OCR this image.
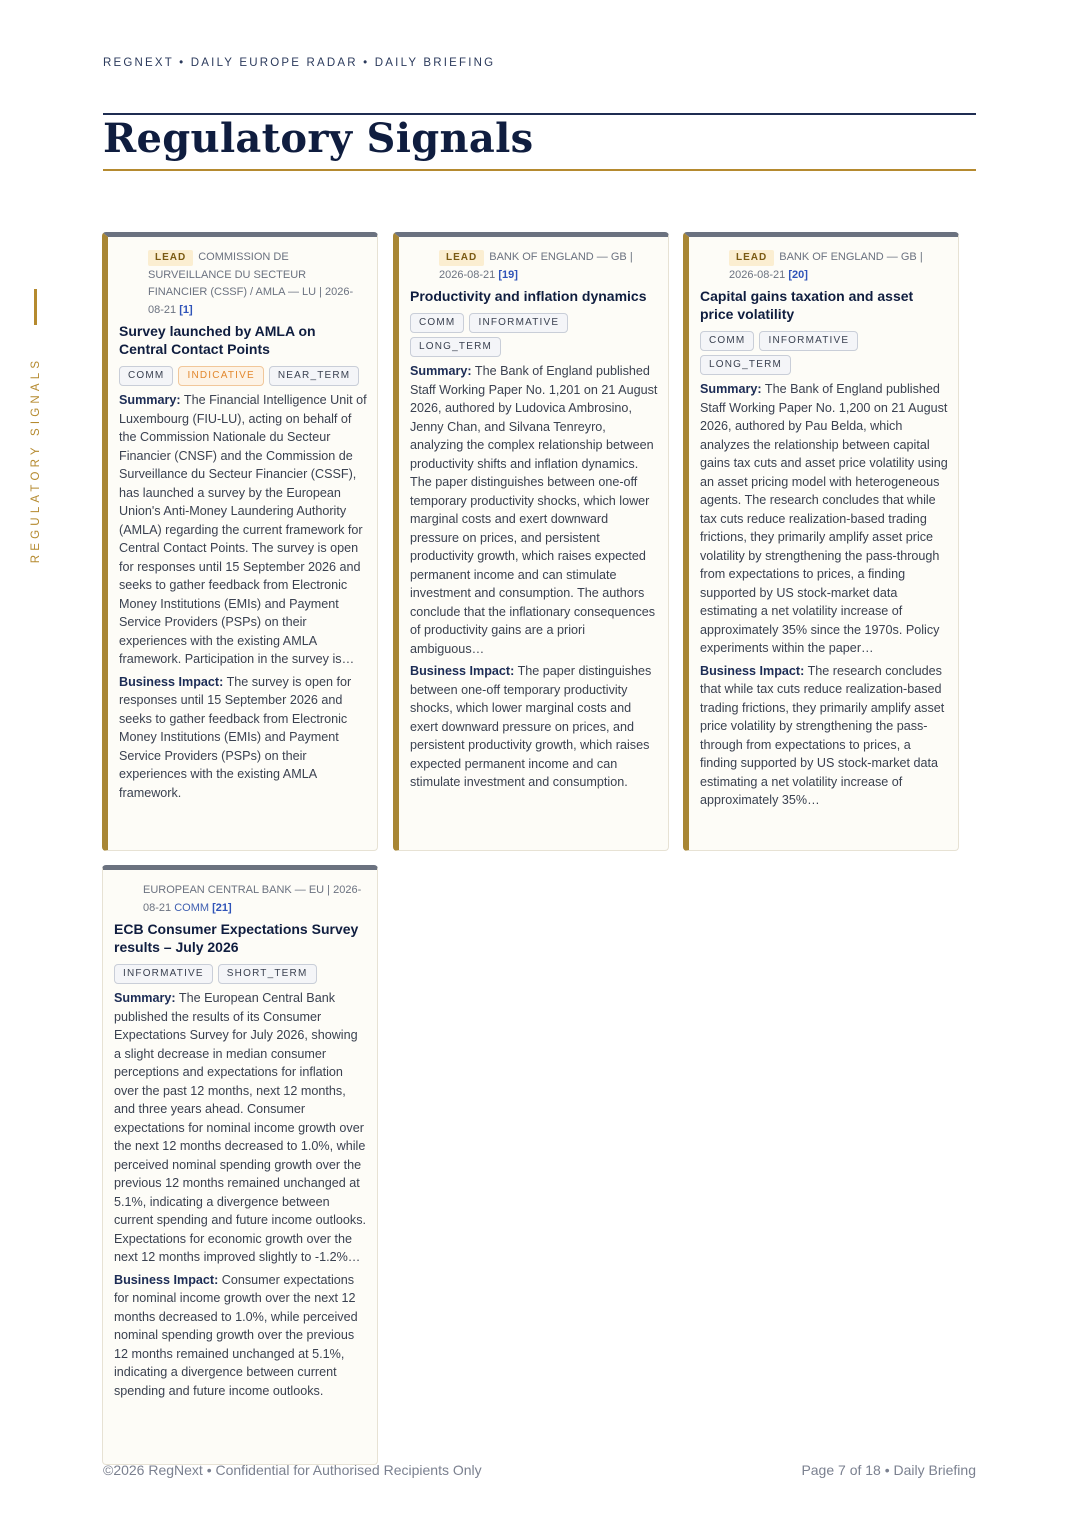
REGNEXT • DAILY EUROPE RADAR • DAILY BRIEFING
Regulatory Signals
REGULATORY SIGNALS
LEAD COMMISSION DE SURVEILLANCE DU SECTEUR FINANCIER (CSSF) / AMLA — LU | 2026-08-21 [1]
Survey launched by AMLA on Central Contact Points
COMM INDICATIVE NEAR_TERM
Summary: The Financial Intelligence Unit of Luxembourg (FIU-LU), acting on behalf of the Commission Nationale du Secteur Financier (CNSF) and the Commission de Surveillance du Secteur Financier (CSSF), has launched a survey by the European Union's Anti-Money Laundering Authority (AMLA) regarding the current framework for Central Contact Points. The survey is open for responses until 15 September 2026 and seeks to gather feedback from Electronic Money Institutions (EMIs) and Payment Service Providers (PSPs) on their experiences with the existing AMLA framework. Participation in the survey is…
Business Impact: The survey is open for responses until 15 September 2026 and seeks to gather feedback from Electronic Money Institutions (EMIs) and Payment Service Providers (PSPs) on their experiences with the existing AMLA framework.
LEAD BANK OF ENGLAND — GB | 2026-08-21 [19]
Productivity and inflation dynamics
COMM INFORMATIVELONG_TERM
Summary: The Bank of England published Staff Working Paper No. 1,201 on 21 August 2026, authored by Ludovica Ambrosino, Jenny Chan, and Silvana Tenreyro, analyzing the complex relationship between productivity shifts and inflation dynamics. The paper distinguishes between one-off temporary productivity shocks, which lower marginal costs and exert downward pressure on prices, and persistent productivity growth, which raises expected permanent income and can stimulate investment and consumption. The authors conclude that the inflationary consequences of productivity gains are a priori ambiguous…
Business Impact: The paper distinguishes between one-off temporary productivity shocks, which lower marginal costs and exert downward pressure on prices, and persistent productivity growth, which raises expected permanent income and can stimulate investment and consumption.
LEAD BANK OF ENGLAND — GB | 2026-08-21 [20]
Capital gains taxation and asset price volatility
COMM INFORMATIVELONG_TERM
Summary: The Bank of England published Staff Working Paper No. 1,200 on 21 August 2026, authored by Pau Belda, which analyzes the relationship between capital gains tax cuts and asset price volatility using an asset pricing model with heterogeneous agents. The research concludes that while tax cuts reduce realization-based trading frictions, they primarily amplify asset price volatility by strengthening the pass-through from expectations to prices, a finding supported by US stock-market data estimating a net volatility increase of approximately 35% since the 1970s. Policy experiments within the paper…
Business Impact: The research concludes that while tax cuts reduce realization-based trading frictions, they primarily amplify asset price volatility by strengthening the pass-through from expectations to prices, a finding supported by US stock-market data estimating a net volatility increase of approximately 35%…
EUROPEAN CENTRAL BANK — EU | 2026-08-21 COMM [21]
ECB Consumer Expectations Survey results – July 2026
INFORMATIVE SHORT_TERM
Summary: The European Central Bank published the results of its Consumer Expectations Survey for July 2026, showing a slight decrease in median consumer perceptions and expectations for inflation over the past 12 months, next 12 months, and three years ahead. Consumer expectations for nominal income growth over the next 12 months decreased to 1.0%, while perceived nominal spending growth over the previous 12 months remained unchanged at 5.1%, indicating a divergence between current spending and future income outlooks. Expectations for economic growth over the next 12 months improved slightly to -1.2%…
Business Impact: Consumer expectations for nominal income growth over the next 12 months decreased to 1.0%, while perceived nominal spending growth over the previous 12 months remained unchanged at 5.1%, indicating a divergence between current spending and future income outlooks.
©2026 RegNext • Confidential for Authorised Recipients Only	Page 7 of 18 • Daily Briefing
